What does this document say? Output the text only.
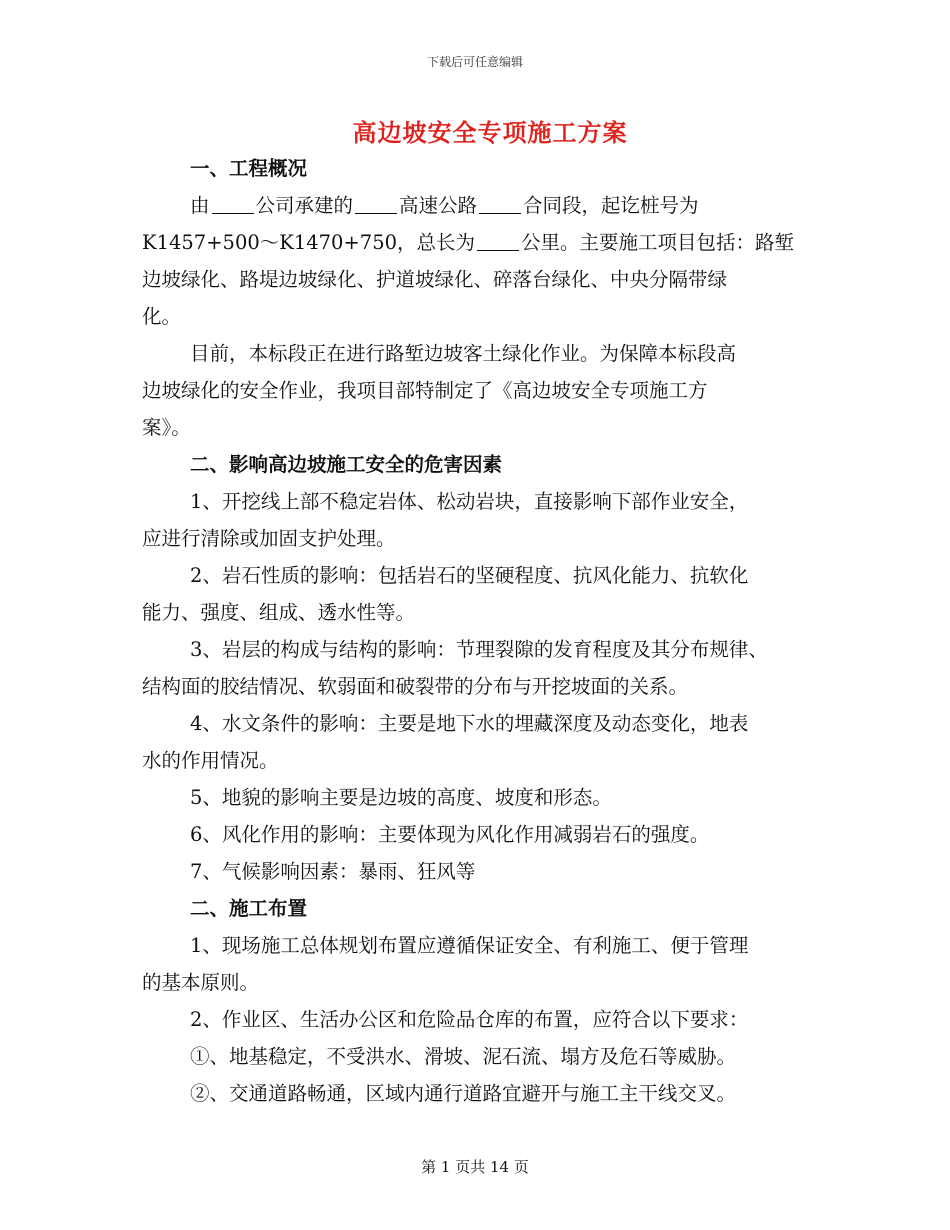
下载后可任意编辑
高边坡安全专项施工方案
一、工程概况
由 公司承建的 高速公路 合同段，起讫桩号为
K1457+500～K1470+750，总长为 公里。主要施工项目包括：路堑
边坡绿化、路堤边坡绿化、护道坡绿化、碎落台绿化、中央分隔带绿
化。
目前，本标段正在进行路堑边坡客土绿化作业。为保障本标段高
边坡绿化的安全作业，我项目部特制定了《高边坡安全专项施工方
案》。
二、影响高边坡施工安全的危害因素
1、开挖线上部不稳定岩体、松动岩块，直接影响下部作业安全，
应进行清除或加固支护处理。
2、岩石性质的影响：包括岩石的坚硬程度、抗风化能力、抗软化
能力、强度、组成、透水性等。
3、岩层的构成与结构的影响：节理裂隙的发育程度及其分布规律、
结构面的胶结情况、软弱面和破裂带的分布与开挖坡面的关系。
4、水文条件的影响：主要是地下水的埋藏深度及动态变化，地表
水的作用情况。
5、地貌的影响主要是边坡的高度、坡度和形态。
6、风化作用的影响：主要体现为风化作用减弱岩石的强度。
7、气候影响因素：暴雨、狂风等
二、施工布置
1、现场施工总体规划布置应遵循保证安全、有利施工、便于管理
的基本原则。
2、作业区、生活办公区和危险品仓库的布置，应符合以下要求：
①、地基稳定，不受洪水、滑坡、泥石流、塌方及危石等威胁。
②、交通道路畅通，区域内通行道路宜避开与施工主干线交叉。
第 1 页共 14 页
